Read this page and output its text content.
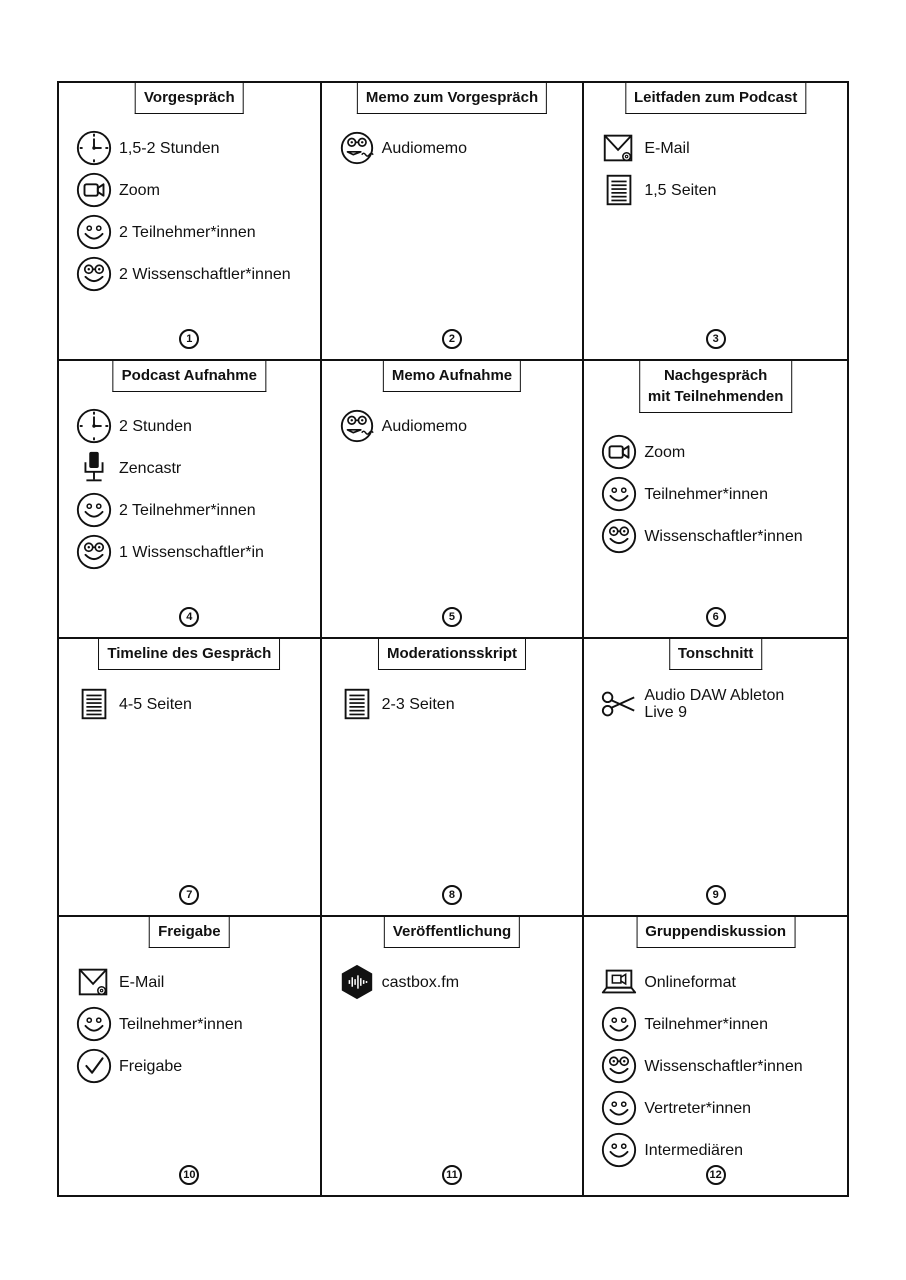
Vorgespräch
1,5-2 Stunden
Zoom
2 Teilnehmer*innen
2 Wissenschaftler*innen
1
Memo zum Vorgespräch
Audiomemo
2
Leitfaden zum Podcast
E-Mail
1,5 Seiten
3
Podcast Aufnahme
2 Stunden
Zencastr
2 Teilnehmer*innen
1 Wissenschaftler*in
4
Memo Aufnahme
Audiomemo
5
Nachgespräch
mit Teilnehmenden
Zoom
Teilnehmer*innen
Wissenschaftler*innen
6
Timeline des Gespräch
4-5 Seiten
7
Moderationsskript
2-3 Seiten
8
Tonschnitt
Audio DAW Ableton Live 9
9
Freigabe
E-Mail
Teilnehmer*innen
Freigabe
10
Veröffentlichung
castbox.fm
11
Gruppendiskussion
Onlineformat
Teilnehmer*innen
Wissenschaftler*innen
Vertreter*innen
Intermediären
12
